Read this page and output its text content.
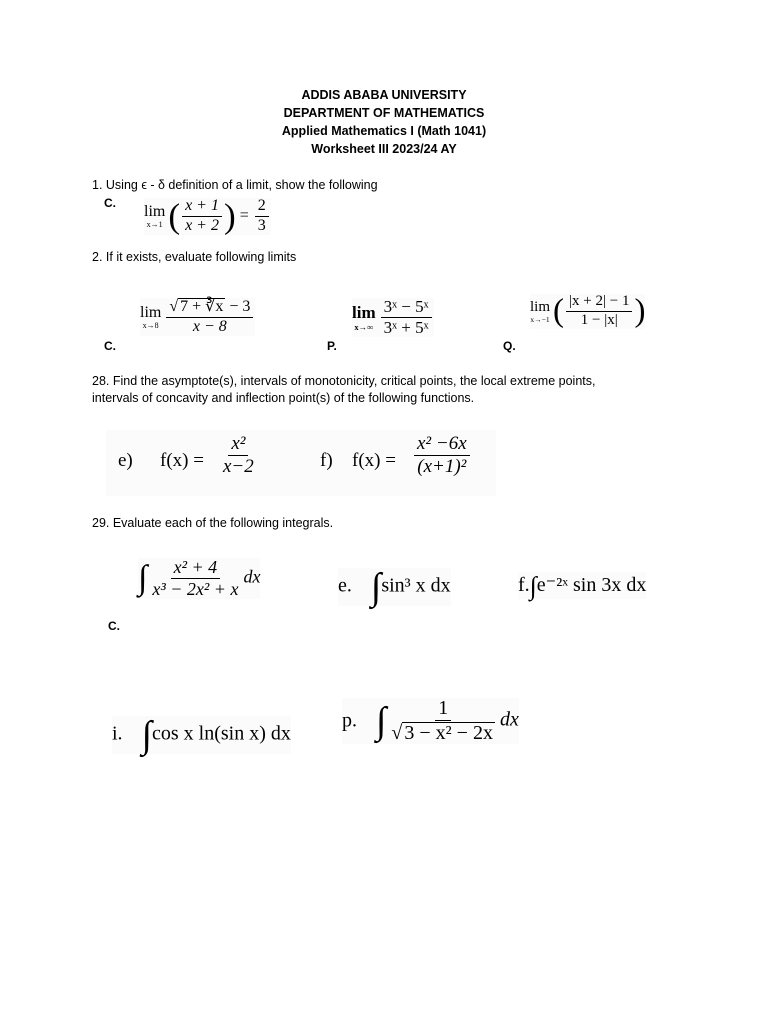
ADDIS ABABA UNIVERSITY
DEPARTMENT OF MATHEMATICS
Applied Mathematics I (Math 1041)
Worksheet III 2023/24 AY
1. Using ϵ - δ definition of a limit, show the following
C.
lim
x→1 ( $\frac{x + 1}{x + 2}$ ) = $\frac{2}{3}$
2. If it exists, evaluate following limits
lim
$x\to 8 \frac{√ 7 + ∛x - 3}{x - 8}$
C.
lim
$x\to\infty \frac{\text{3ˣ − 5ˣ}}{\text{3ˣ + 5ˣ}}$
P.
lim
x→−1 ( $\frac{|x + 2| - 1}{1 - |x|}$ )
Q.
28. Find the asymptote(s), intervals of monotonicity, critical points, the local extreme points,
intervals of concavity and inflection point(s) of the following functions.
e) $f(x) = \frac{\text{x²}}{x-2}$	f) $f(x) = \frac{\text{x² −6x}}{\text{(x+1)²}}$
29. Evaluate each of the following integrals.
∫ $\frac{\text{x² + 4}}{\text{x³ − 2x² + x}}$ dx
C.
e. ∫sin³ x dx	f.∫e⁻²ˣ sin 3x dx
i. ∫cos x ln(sin x) dx
p. ∫ $\frac{1}{\text{√ 3 − x² − 2x}}$ dx
